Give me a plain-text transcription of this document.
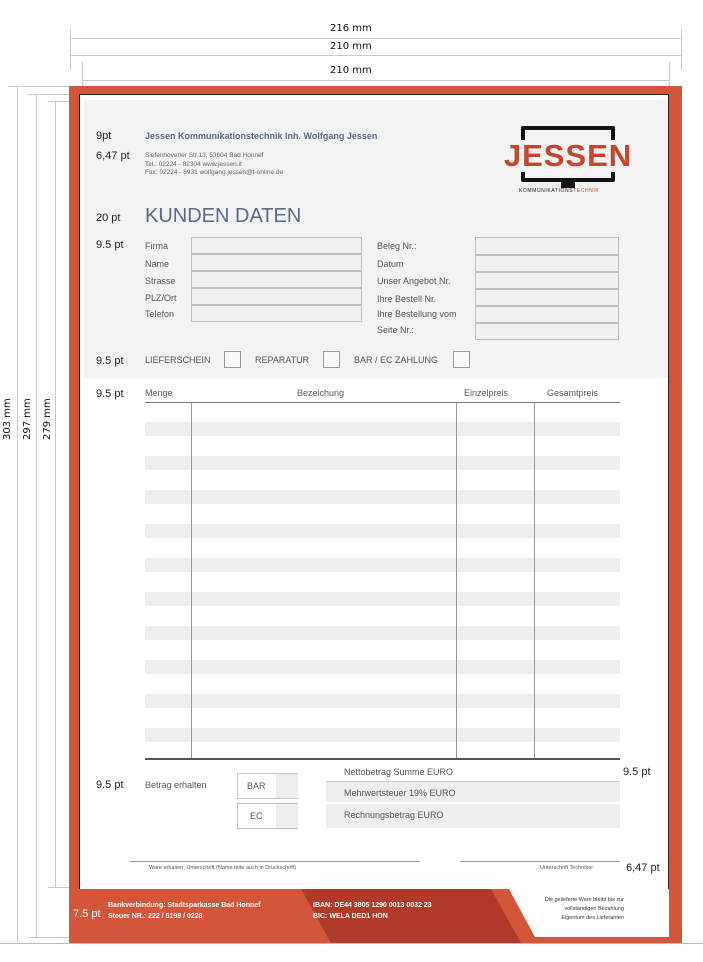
216 mm
210 mm
210 mm
303 mm 297 mm 279 mm
9pt
6,47 pt
20 pt
9.5 pt
9.5 pt
9.5 pt
9.5 pt
9.5 pt
6,47 pt
Jessen Kommunikationstechnik Inh. Wolfgang Jessen
Siefenhovener Str.13, 53604 Bad Honnef
Tel.: 02224 - 82304 www.jessen.it
Fax: 02224 - 8931 wolfgang.jessen@t-online.de	JESSEN
KOMMUNIKATIONSTECHNIK
KUNDEN DATEN
Firma
Name
Strasse
PLZ/Ort
Telefon
Beleg Nr.:
Datum
Unser Angebot Nr.
Ihre Bestell Nr.
Ihre Bestellung vom
Seite Nr.:
LIEFERSCHEIN	REPARATUR	BAR / EC ZAHLUNG
Menge	Bezeichung	Einzelpreis	Gesamtpreis
Betrag erhalten	BAR
EC
Nettobetrag Summe EURO
Mehrwertsteuer 19% EURO
Rechnungsbetrag EURO
Ware erhalten, Unterschrift (Name bitte auch in Druckschrift)	Unterschrift Techniker
7.5 pt
Bankverbindung: Stadtsparkasse Bad Honnef
Steuer NR.: 222 / 5199 / 0228
IBAN: DE44 3805 1290 0013 0032 23
BIC: WELA DED1 HON
Die gelieferte Ware bleibt bis zur
vollständigen Bezahlung
Eigentum des Lieferanten
